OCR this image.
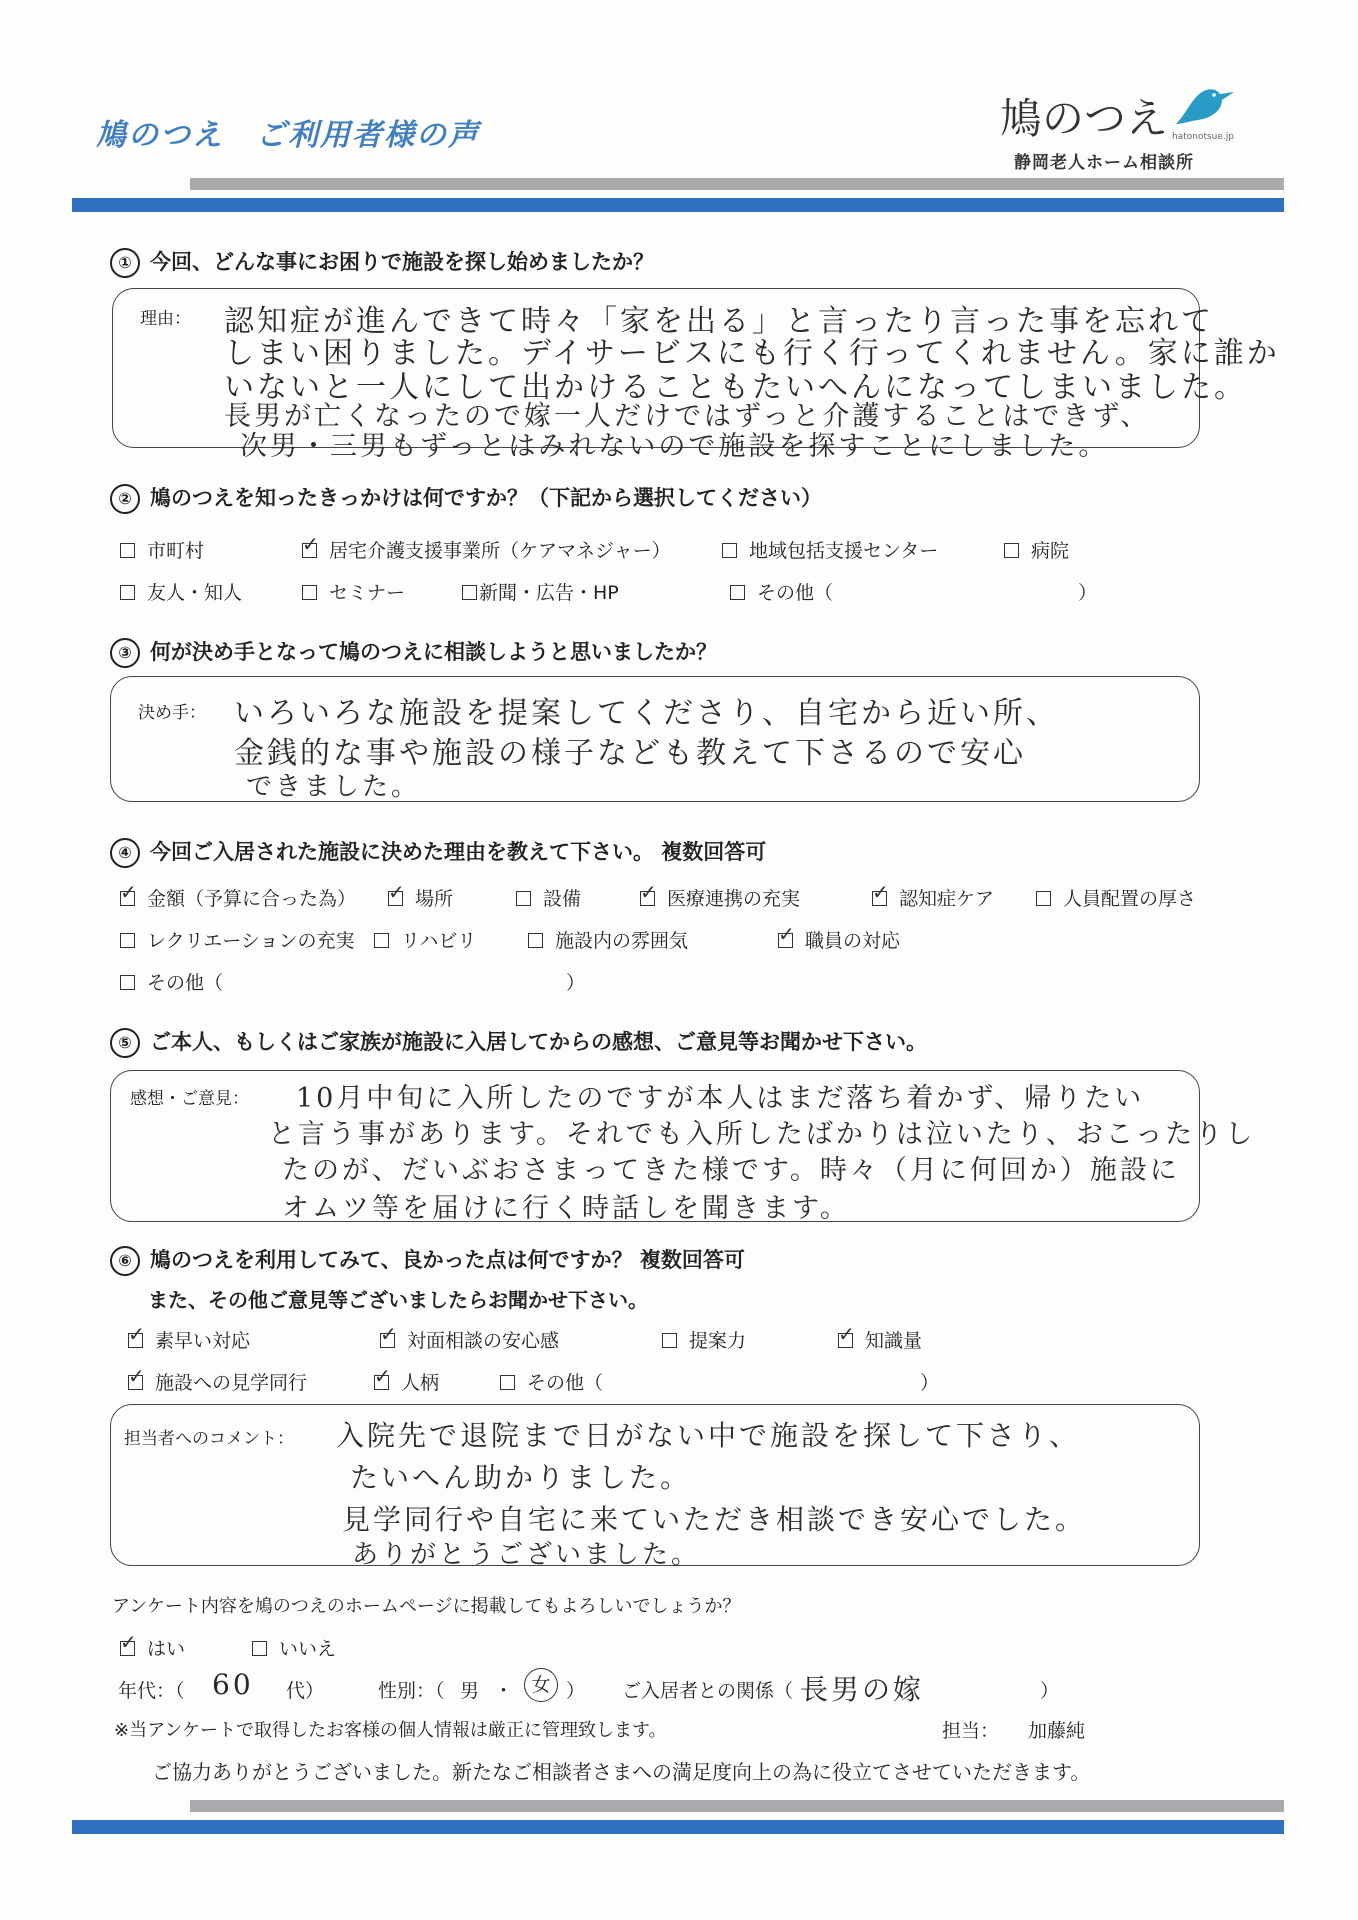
鳩のつえ　ご利用者様の声	鳩のつえ hatonotsue.jp
静岡老人ホーム相談所
① 今回、どんな事にお困りで施設を探し始めましたか？
理由： 認知症が進んできて時々「家を出る」と言ったり言った事を忘れて
しまい困りました。デイサービスにも行く行ってくれません。家に誰か
いないと一人にして出かけることもたいへんになってしまいました。
長男が亡くなったので嫁一人だけではずっと介護することはできず、
次男・三男もずっとはみれないので施設を探すことにしました。
② 鳩のつえを知ったきっかけは何ですか？（下記から選択してください）
市町村 ✓	居宅介護支援事業所（ケアマネジャー）	地域包括支援センター	病院
友人・知人	セミナー	新聞・広告・HP	その他（	）
③ 何が決め手となって鳩のつえに相談しようと思いましたか？
決め手： いろいろな施設を提案してくださり、自宅から近い所、
金銭的な事や施設の様子なども教えて下さるので安心
できました。
④ 今回ご入居された施設に決めた理由を教えて下さい。 複数回答可
✓金額（予算に合った為） ✓	場所	設備 ✓	医療連携の充実 ✓	認知症ケア	人員配置の厚さ
レクリエーションの充実	リハビリ	施設内の雰囲気 ✓	職員の対応
その他（	）
⑤ ご本人、もしくはご家族が施設に入居してからの感想、ご意見等お聞かせ下さい。
感想・ご意見： 10月中旬に入所したのですが本人はまだ落ち着かず、帰りたい
と言う事があります。それでも入所したばかりは泣いたり、おこったりし
たのが、だいぶおさまってきた様です。時々（月に何回か）施設に
オムツ等を届けに行く時話しを聞きます。
⑥ 鳩のつえを利用してみて、良かった点は何ですか？ 複数回答可
また、その他ご意見等ございましたらお聞かせ下さい。
✓素早い対応 ✓	対面相談の安心感	提案力 ✓	知識量
✓施設への見学同行 ✓	人柄	その他（	）
担当者へのコメント： 入院先で退院まで日がない中で施設を探して下さり、
たいへん助かりました。
見学同行や自宅に来ていただき相談でき安心でした。
ありがとうございました。
アンケート内容を鳩のつえのホームページに掲載してもよろしいでしょうか？
✓はい	いいえ
年代：（ 60 代）	性別：（ 男 ・ 女 ） ご入居者との関係（ 長男の嫁	）
※当アンケートで取得したお客様の個人情報は厳正に管理致します。	担当： 加藤純
ご協力ありがとうございました。新たなご相談者さまへの満足度向上の為に役立てさせていただきます。
